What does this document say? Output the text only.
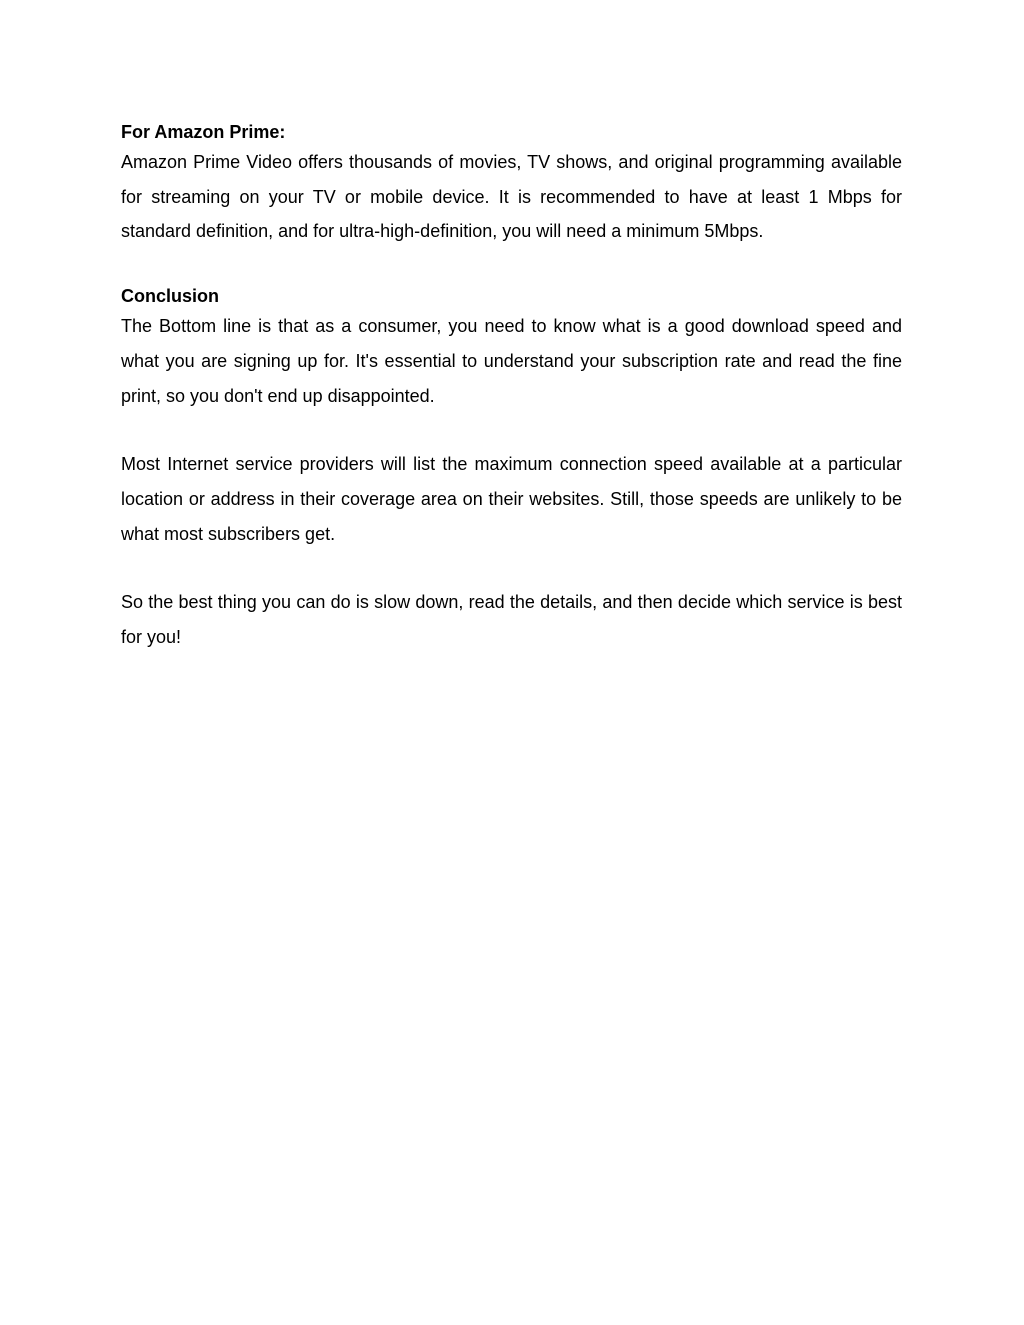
For Amazon Prime:

Amazon Prime Video offers thousands of movies, TV shows, and original programming available for streaming on your TV or mobile device. It is recommended to have at least 1 Mbps for standard definition, and for ultra-high-definition, you will need a minimum 5Mbps.

Conclusion

The Bottom line is that as a consumer, you need to know what is a good download speed and what you are signing up for. It's essential to understand your subscription rate and read the fine print, so you don't end up disappointed.

Most Internet service providers will list the maximum connection speed available at a particular location or address in their coverage area on their websites. Still, those speeds are unlikely to be what most subscribers get.

So the best thing you can do is slow down, read the details, and then decide which service is best for you!
